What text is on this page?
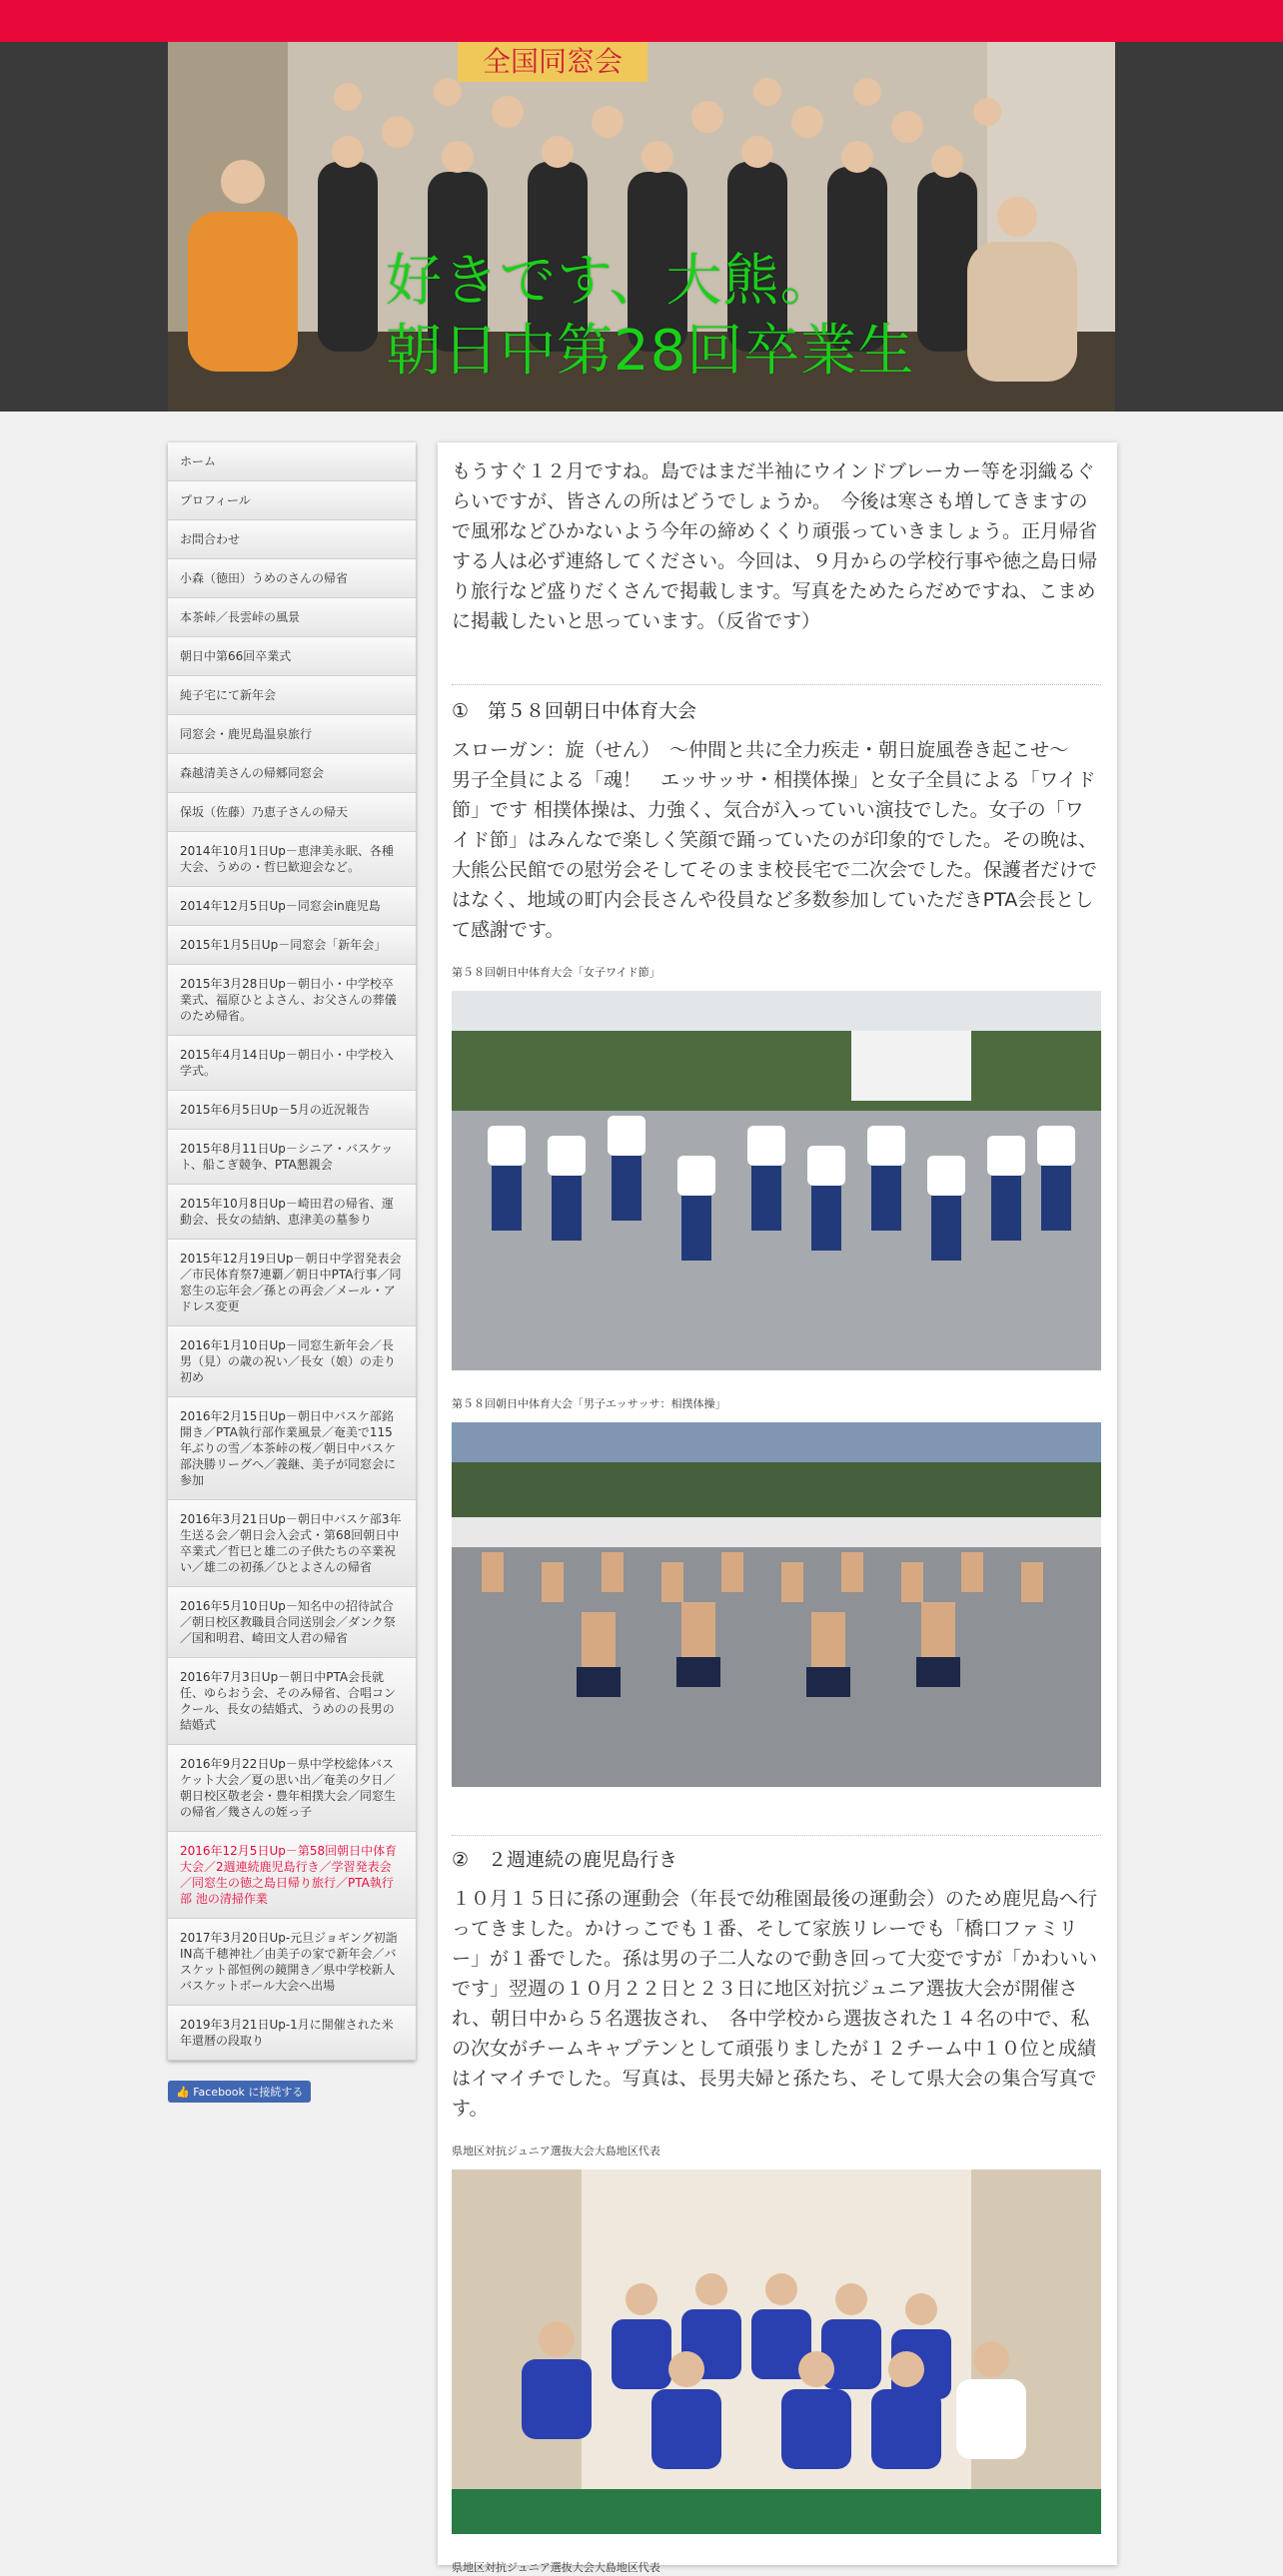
全国同窓会
好きです、大熊。
朝日中第28回卒業生
ホーム
プロフィール
お問合わせ
小森（徳田）うめのさんの帰省
本茶峠／長雲峠の風景
朝日中第66回卒業式
純子宅にて新年会
同窓会・鹿児島温泉旅行
森越清美さんの帰郷同窓会
保坂（佐藤）乃恵子さんの帰天
2014年10月1日Up－恵津美永眠、各種大会、うめの・哲巳歓迎会など。
2014年12月5日Up－同窓会in鹿児島
2015年1月5日Up－同窓会「新年会」
2015年3月28日Up－朝日小・中学校卒業式、福原ひとよさん、お父さんの葬儀のため帰省。
2015年4月14日Up－朝日小・中学校入学式。
2015年6月5日Up－5月の近況報告
2015年8月11日Up－シニア・バスケット、船こぎ競争、PTA懇親会
2015年10月8日Up－崎田君の帰省、運動会、長女の結納、恵津美の墓参り
2015年12月19日Up－朝日中学習発表会／市民体育祭7連覇／朝日中PTA行事／同窓生の忘年会／孫との再会／メール・アドレス変更
2016年1月10日Up－同窓生新年会／長男（見）の歳の祝い／長女（娘）の走り初め
2016年2月15日Up－朝日中バスケ部銘開き／PTA執行部作業風景／奄美で115年ぶりの雪／本茶峠の桜／朝日中バスケ部決勝リーグへ／義継、美子が同窓会に参加
2016年3月21日Up－朝日中バスケ部3年生送る会／朝日会入会式・第68回朝日中卒業式／哲巳と雄二の子供たちの卒業祝い／雄二の初孫／ひとよさんの帰省
2016年5月10日Up－知名中の招待試合／朝日校区教職員合同送別会／ダンク祭／国和明君、崎田文人君の帰省
2016年7月3日Up－朝日中PTA会長就任、ゆらおう会、そのみ帰省、合唱コンクール、長女の結婚式、うめのの長男の結婚式
2016年9月22日Up－県中学校総体バスケット大会／夏の思い出／奄美の夕日／朝日校区敬老会・豊年相撲大会／同窓生の帰省／幾さんの姪っ子
2016年12月5日Up－第58回朝日中体育大会／2週連続鹿児島行き／学習発表会／同窓生の徳之島日帰り旅行／PTA執行部 池の清掃作業
2017年3月20日Up-元旦ジョギング初詣IN高千穂神社／由美子の家で新年会／バスケット部恒例の鏡開き／県中学校新人バスケットボール大会へ出場
2019年3月21日Up-1月に開催された米年還暦の段取り
👍 Facebook に接続する

もうすぐ１２月ですね。島ではまだ半袖にウインドブレーカー等を羽織るぐらいですが、皆さんの所はどうでしょうか。　今後は寒さも増してきますので風邪などひかないよう今年の締めくくり頑張っていきましょう。正月帰省する人は必ず連絡してください。今回は、９月からの学校行事や徳之島日帰り旅行など盛りだくさんで掲載します。写真をためたらだめですね、こまめに掲載したいと思っています。（反省です）

①　第５８回朝日中体育大会

スローガン：旋（せん）　～仲間と共に全力疾走・朝日旋風巻き起こせ～　男子全員による「魂！　エッサッサ・相撲体操」と女子全員による「ワイド節」です 相撲体操は、力強く、気合が入っていい演技でした。女子の「ワイド節」はみんなで楽しく笑顔で踊っていたのが印象的でした。その晩は、大熊公民館での慰労会そしてそのまま校長宅で二次会でした。保護者だけではなく、地域の町内会長さんや役員など多数参加していただきPTA会長として感謝です。

第５８回朝日中体育大会「女子ワイド節」
第５８回朝日中体育大会「男子エッサッサ：相撲体操」
②　２週連続の鹿児島行き

１０月１５日に孫の運動会（年長で幼稚園最後の運動会）のため鹿児島へ行ってきました。かけっこでも１番、そして家族リレーでも「橋口ファミリー」が１番でした。孫は男の子二人なので動き回って大変ですが「かわいいです」翌週の１０月２２日と２３日に地区対抗ジュニア選抜大会が開催され、朝日中から５名選抜され、　各中学校から選抜された１４名の中で、私の次女がチームキャプテンとして頑張りましたが１２チーム中１０位と成績はイマイチでした。写真は、長男夫婦と孫たち、そして県大会の集合写真です。

県地区対抗ジュニア選抜大会大島地区代表
県地区対抗ジュニア選抜大会大島地区代表
